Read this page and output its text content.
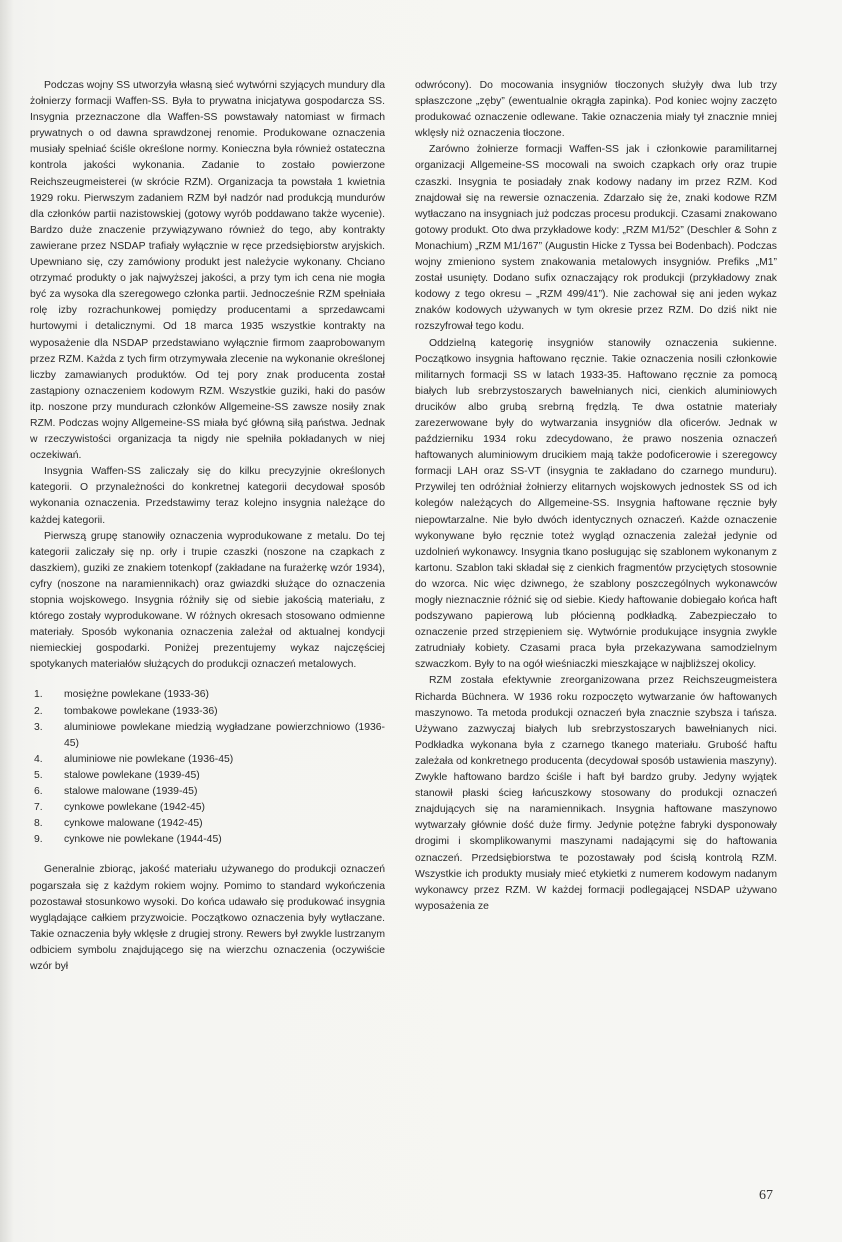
Podczas wojny SS utworzyła własną sieć wytwórni szyjących mundury dla żołnierzy formacji Waffen-SS. Była to prywatna inicjatywa gospodarcza SS. Insygnia przeznaczone dla Waffen-SS powstawały natomiast w firmach prywatnych o od dawna sprawdzonej renomie. Produkowane oznaczenia musiały spełniać ściśle określone normy. Konieczna była również ostateczna kontrola jakości wykonania. Zadanie to zostało powierzone Reichszeugmeisterei (w skrócie RZM). Organizacja ta powstała 1 kwietnia 1929 roku. Pierwszym zadaniem RZM był nadzór nad produkcją mundurów dla członków partii nazistowskiej (gotowy wyrób poddawano także wycenie). Bardzo duże znaczenie przywiązywano również do tego, aby kontrakty zawierane przez NSDAP trafiały wyłącznie w ręce przedsiębiorstw aryjskich. Upewniano się, czy zamówiony produkt jest należycie wykonany. Chciano otrzymać produkty o jak najwyższej jakości, a przy tym ich cena nie mogła być za wysoka dla szeregowego członka partii. Jednocześnie RZM spełniała rolę izby rozrachunkowej pomiędzy producentami a sprzedawcami hurtowymi i detalicznymi. Od 18 marca 1935 wszystkie kontrakty na wyposażenie dla NSDAP przedstawiano wyłącznie firmom zaaprobowanym przez RZM. Każda z tych firm otrzymywała zlecenie na wykonanie określonej liczby zamawianych produktów. Od tej pory znak producenta został zastąpiony oznaczeniem kodowym RZM. Wszystkie guziki, haki do pasów itp. noszone przy mundurach członków Allgemeine-SS zawsze nosiły znak RZM. Podczas wojny Allgemeine-SS miała być główną siłą państwa. Jednak w rzeczywistości organizacja ta nigdy nie spełniła pokładanych w niej oczekiwań.

Insygnia Waffen-SS zaliczały się do kilku precyzyjnie określonych kategorii. O przynależności do konkretnej kategorii decydował sposób wykonania oznaczenia. Przedstawimy teraz kolejno insygnia należące do każdej kategorii.

Pierwszą grupę stanowiły oznaczenia wyprodukowane z metalu. Do tej kategorii zaliczały się np. orły i trupie czaszki (noszone na czapkach z daszkiem), guziki ze znakiem totenkopf (zakładane na furażerkę wzór 1934), cyfry (noszone na naramiennikach) oraz gwiazdki służące do oznaczenia stopnia wojskowego. Insygnia różniły się od siebie jakością materiału, z którego zostały wyprodukowane. W różnych okresach stosowano odmienne materiały. Sposób wykonania oznaczenia zależał od aktualnej kondycji niemieckiej gospodarki. Poniżej prezentujemy wykaz najczęściej spotykanych materiałów służących do produkcji oznaczeń metalowych.

1.	mosiężne powlekane (1933-36)
2.	tombakowe powlekane (1933-36)
3.	aluminiowe powlekane miedzią wygładzane powierzchniowo (1936-45)
4.	aluminiowe nie powlekane (1936-45)
5.	stalowe powlekane (1939-45)
6.	stalowe malowane (1939-45)
7.	cynkowe powlekane (1942-45)
8.	cynkowe malowane (1942-45)
9.	cynkowe nie powlekane (1944-45)

Generalnie zbiorąc, jakość materiału używanego do produkcji oznaczeń pogarszała się z każdym rokiem wojny. Pomimo to standard wykończenia pozostawał stosunkowo wysoki. Do końca udawało się produkować insygnia wyglądające całkiem przyzwoicie. Początkowo oznaczenia były wytłaczane. Takie oznaczenia były wklęsłe z drugiej strony. Rewers był zwykle lustrzanym odbiciem symbolu znajdującego się na wierzchu oznaczenia (oczywiście wzór był

odwrócony). Do mocowania insygniów tłoczonych służyły dwa lub trzy spłaszczone „zęby” (ewentualnie okrągła zapinka). Pod koniec wojny zaczęto produkować oznaczenie odlewane. Takie oznaczenia miały tył znacznie mniej wklęsły niż oznaczenia tłoczone.

Zarówno żołnierze formacji Waffen-SS jak i członkowie paramilitarnej organizacji Allgemeine-SS mocowali na swoich czapkach orły oraz trupie czaszki. Insygnia te posiadały znak kodowy nadany im przez RZM. Kod znajdował się na rewersie oznaczenia. Zdarzało się że, znaki kodowe RZM wytłaczano na insygniach już podczas procesu produkcji. Czasami znakowano gotowy produkt. Oto dwa przykładowe kody: „RZM M1/52” (Deschler & Sohn z Monachium) „RZM M1/167” (Augustin Hicke z Tyssa bei Bodenbach). Podczas wojny zmieniono system znakowania metalowych insygniów. Prefiks „M1” został usunięty. Dodano sufix oznaczający rok produkcji (przykładowy znak kodowy z tego okresu – „RZM 499/41”). Nie zachował się ani jeden wykaz znaków kodowych używanych w tym okresie przez RZM. Do dziś nikt nie rozszyfrował tego kodu.

Oddzielną kategorię insygniów stanowiły oznaczenia sukienne. Początkowo insygnia haftowano ręcznie. Takie oznaczenia nosili członkowie militarnych formacji SS w latach 1933-35. Haftowano ręcznie za pomocą białych lub srebrzystoszarych bawełnianych nici, cienkich aluminiowych drucików albo grubą srebrną frędzlą. Te dwa ostatnie materiały zarezerwowane były do wytwarzania insygniów dla oficerów. Jednak w październiku 1934 roku zdecydowano, że prawo noszenia oznaczeń haftowanych aluminiowym drucikiem mają także podoficerowie i szeregowcy formacji LAH oraz SS-VT (insygnia te zakładano do czarnego munduru). Przywilej ten odróżniał żołnierzy elitarnych wojskowych jednostek SS od ich kolegów należących do Allgemeine-SS. Insygnia haftowane ręcznie były niepowtarzalne. Nie było dwóch identycznych oznaczeń. Każde oznaczenie wykonywane było ręcznie toteż wygląd oznaczenia zależał jedynie od uzdolnień wykonawcy. Insygnia tkano posługując się szablonem wykonanym z kartonu. Szablon taki składał się z cienkich fragmentów przyciętych stosownie do wzorca. Nic więc dziwnego, że szablony poszczególnych wykonawców mogły nieznacznie różnić się od siebie. Kiedy haftowanie dobiegało końca haft podszywano papierową lub płócienną podkładką. Zabezpieczało to oznaczenie przed strzępieniem się. Wytwórnie produkujące insygnia zwykle zatrudniały kobiety. Czasami praca była przekazywana samodzielnym szwaczkom. Były to na ogół wieśniaczki mieszkające w najbliższej okolicy.

RZM została efektywnie zreorganizowana przez Reichszeugmeistera Richarda Büchnera. W 1936 roku rozpoczęto wytwarzanie ów haftowanych maszynowo. Ta metoda produkcji oznaczeń była znacznie szybsza i tańsza. Używano zazwyczaj białych lub srebrzystoszarych bawełnianych nici. Podkładka wykonana była z czarnego tkanego materiału. Grubość haftu zależała od konkretnego producenta (decydował sposób ustawienia maszyny). Zwykle haftowano bardzo ściśle i haft był bardzo gruby. Jedyny wyjątek stanowił płaski ścieg łańcuszkowy stosowany do produkcji oznaczeń znajdujących się na naramiennikach. Insygnia haftowane maszynowo wytwarzały głównie dość duże firmy. Jedynie potężne fabryki dysponowały drogimi i skomplikowanymi maszynami nadającymi się do haftowania oznaczeń. Przedsiębiorstwa te pozostawały pod ścisłą kontrolą RZM. Wszystkie ich produkty musiały mieć etykietki z numerem kodowym nadanym wykonawcy przez RZM. W każdej formacji podlegającej NSDAP używano wyposażenia ze

67
